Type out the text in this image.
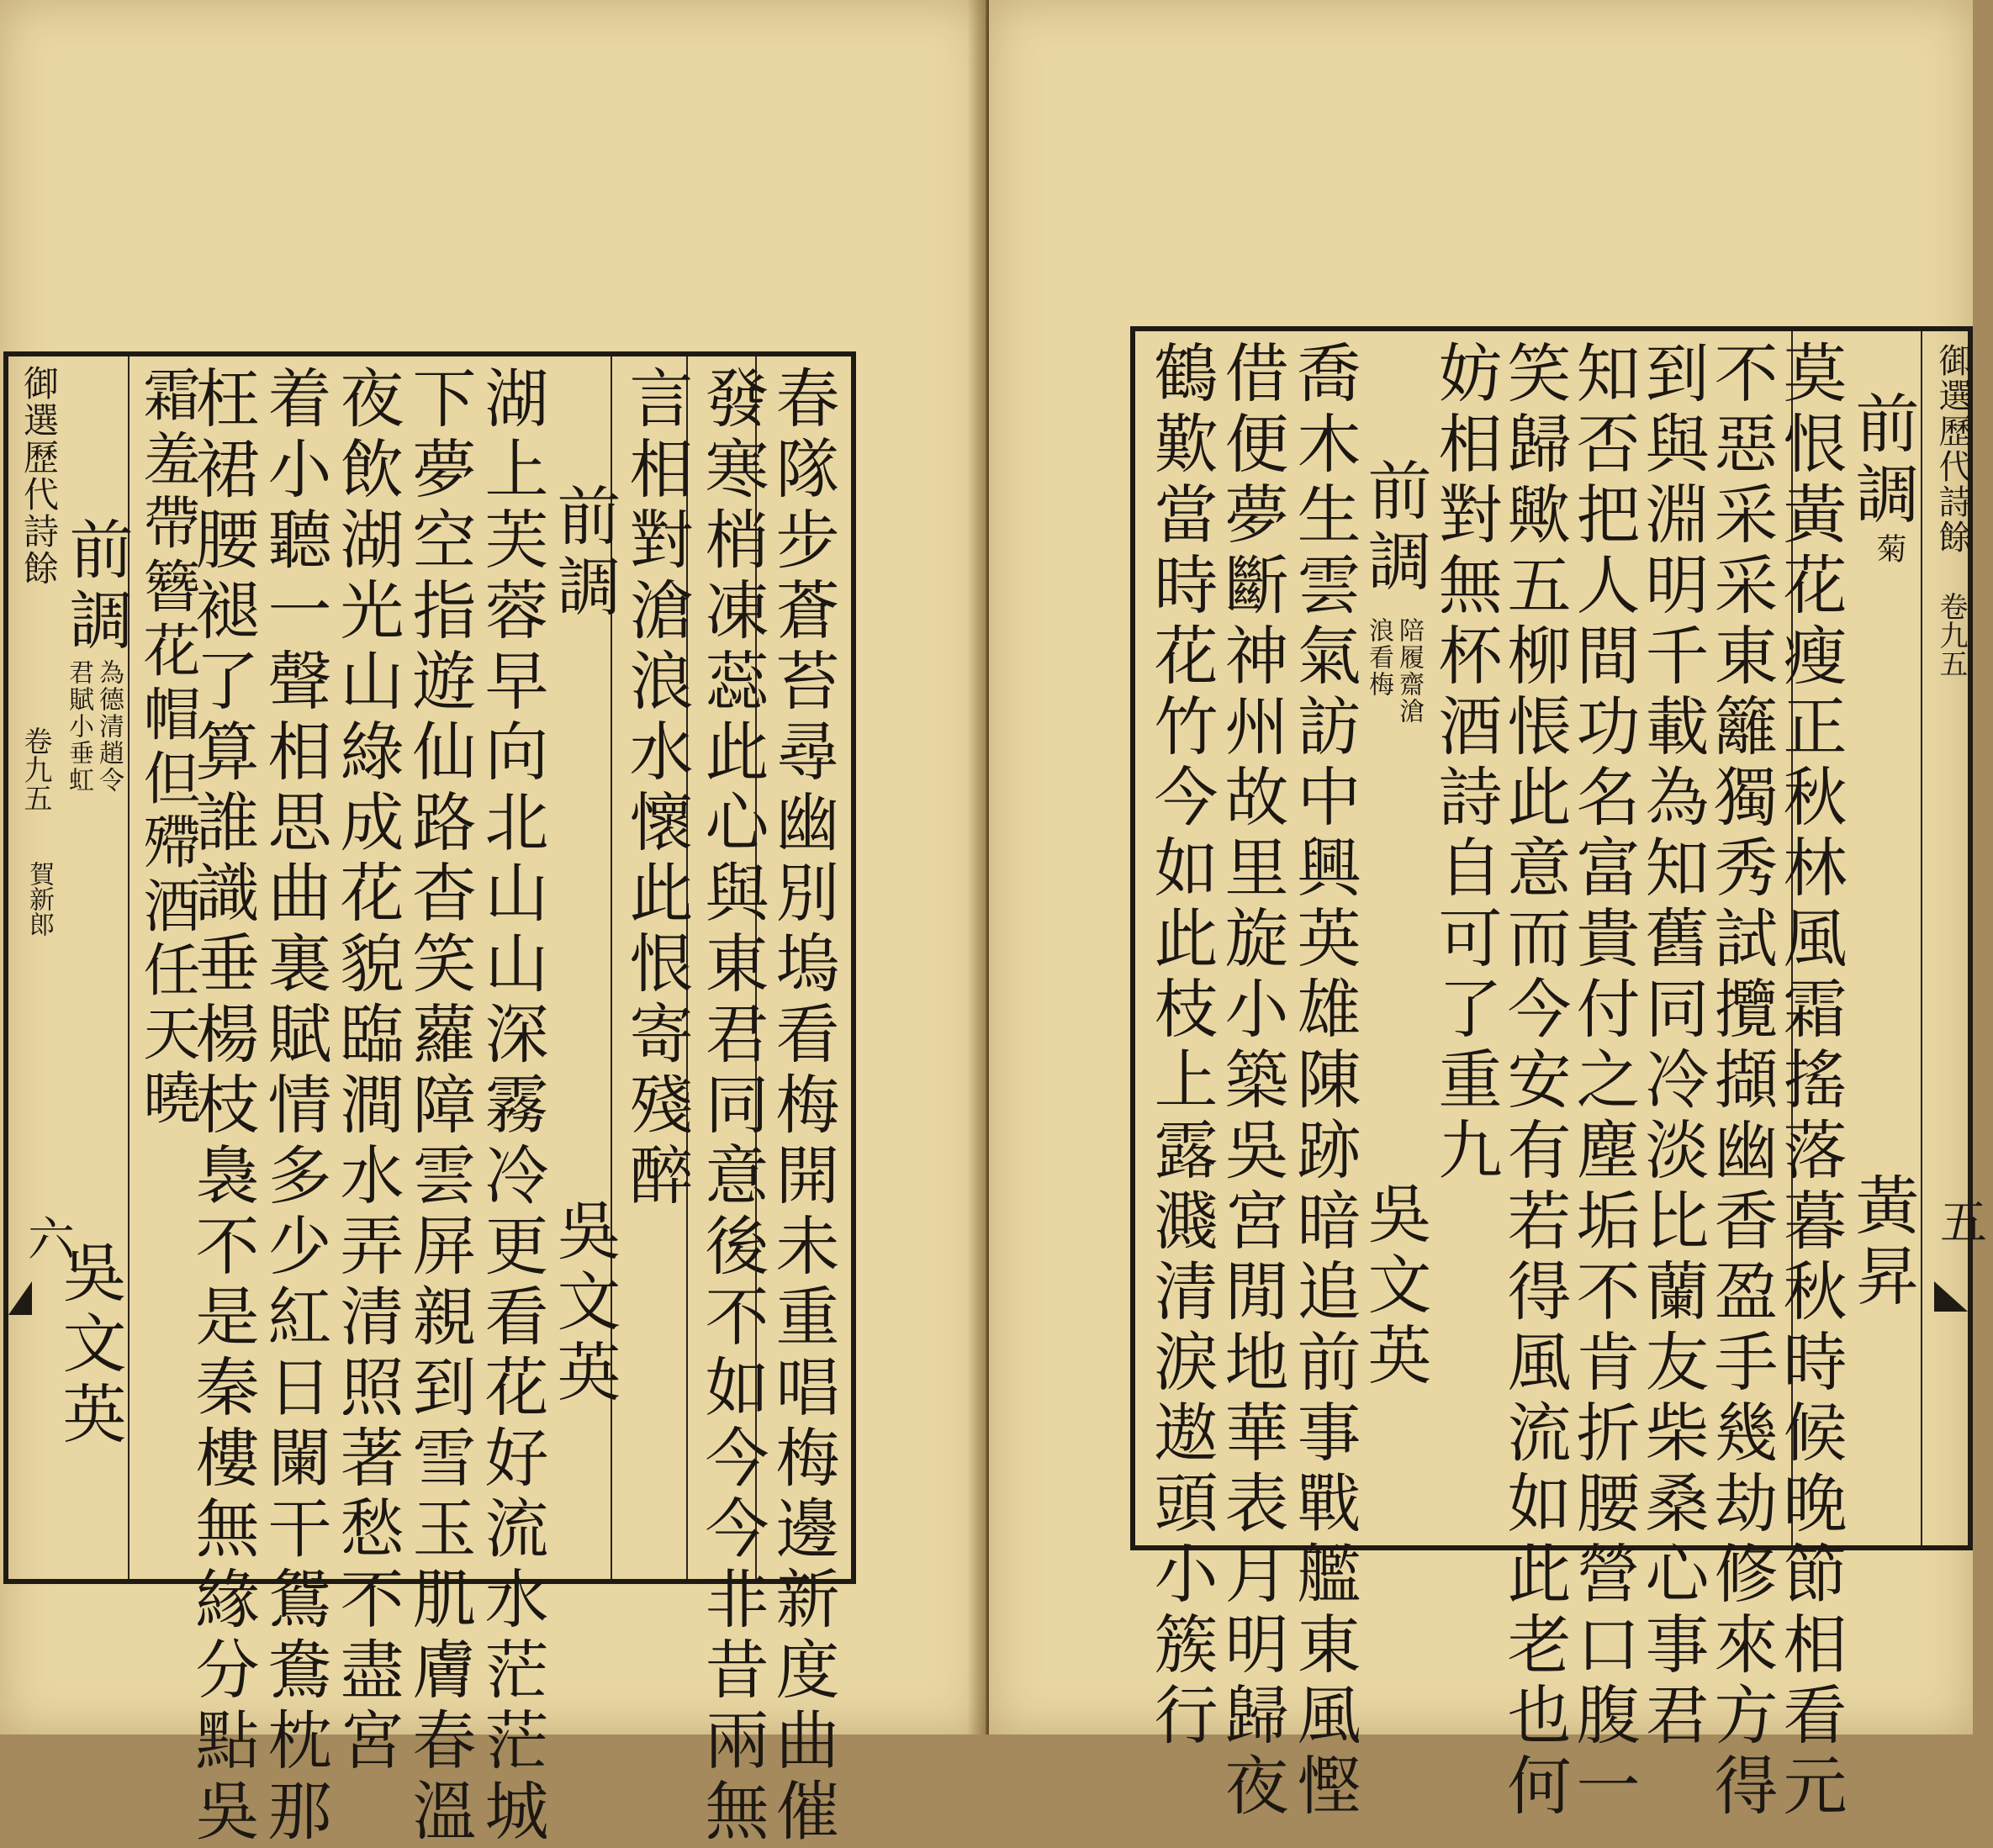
御選歷代詩餘
卷九五
賀新郎
六	春隊步蒼苔尋幽別塢看梅開未重唱梅邊新度曲催
發寒梢凍蕊此心與東君同意後不如今今非昔兩無
言相對滄浪水懷此恨寄殘醉
前調
吳文英
湖上芙蓉早向北山山深霧冷更看花好流水茫茫城
下夢空指遊仙路杳笑蘿障雲屏親到雪玉肌膚春溫
夜飲湖光山綠成花貌臨澗水弄清照著愁不盡宮
着小聽一聲相思曲裏賦情多少紅日闌干鴛鴦枕那
枉裙腰褪了算誰識垂楊枝裊不是秦樓無緣分點吳
霜羞帶簪花帽但殢酒任天曉
前調
為德清趙令
君賦小垂虹
吳文英
御選歷代詩餘
卷九五
五
前調
菊
黃昇
莫恨黃花瘦正秋林風霜搖落暮秋時候晚節相看元
不惡采采東籬獨秀試攬擷幽香盈手幾劫修來方得
到與淵明千載為知舊同冷淡比蘭友柴桑心事君
知否把人間功名富貴付之塵垢不肯折腰營口腹一
笑歸歟五柳悵此意而今安有若得風流如此老也何
妨相對無杯酒詩自可了重九
前調
陪履齋滄
浪看梅
吳文英
喬木生雲氣訪中興英雄陳跡暗追前事戰艦東風慳
借便夢斷神州故里旋小築吳宮閒地華表月明歸夜
鶴歎當時花竹今如此枝上露濺清淚遨頭小簇行
